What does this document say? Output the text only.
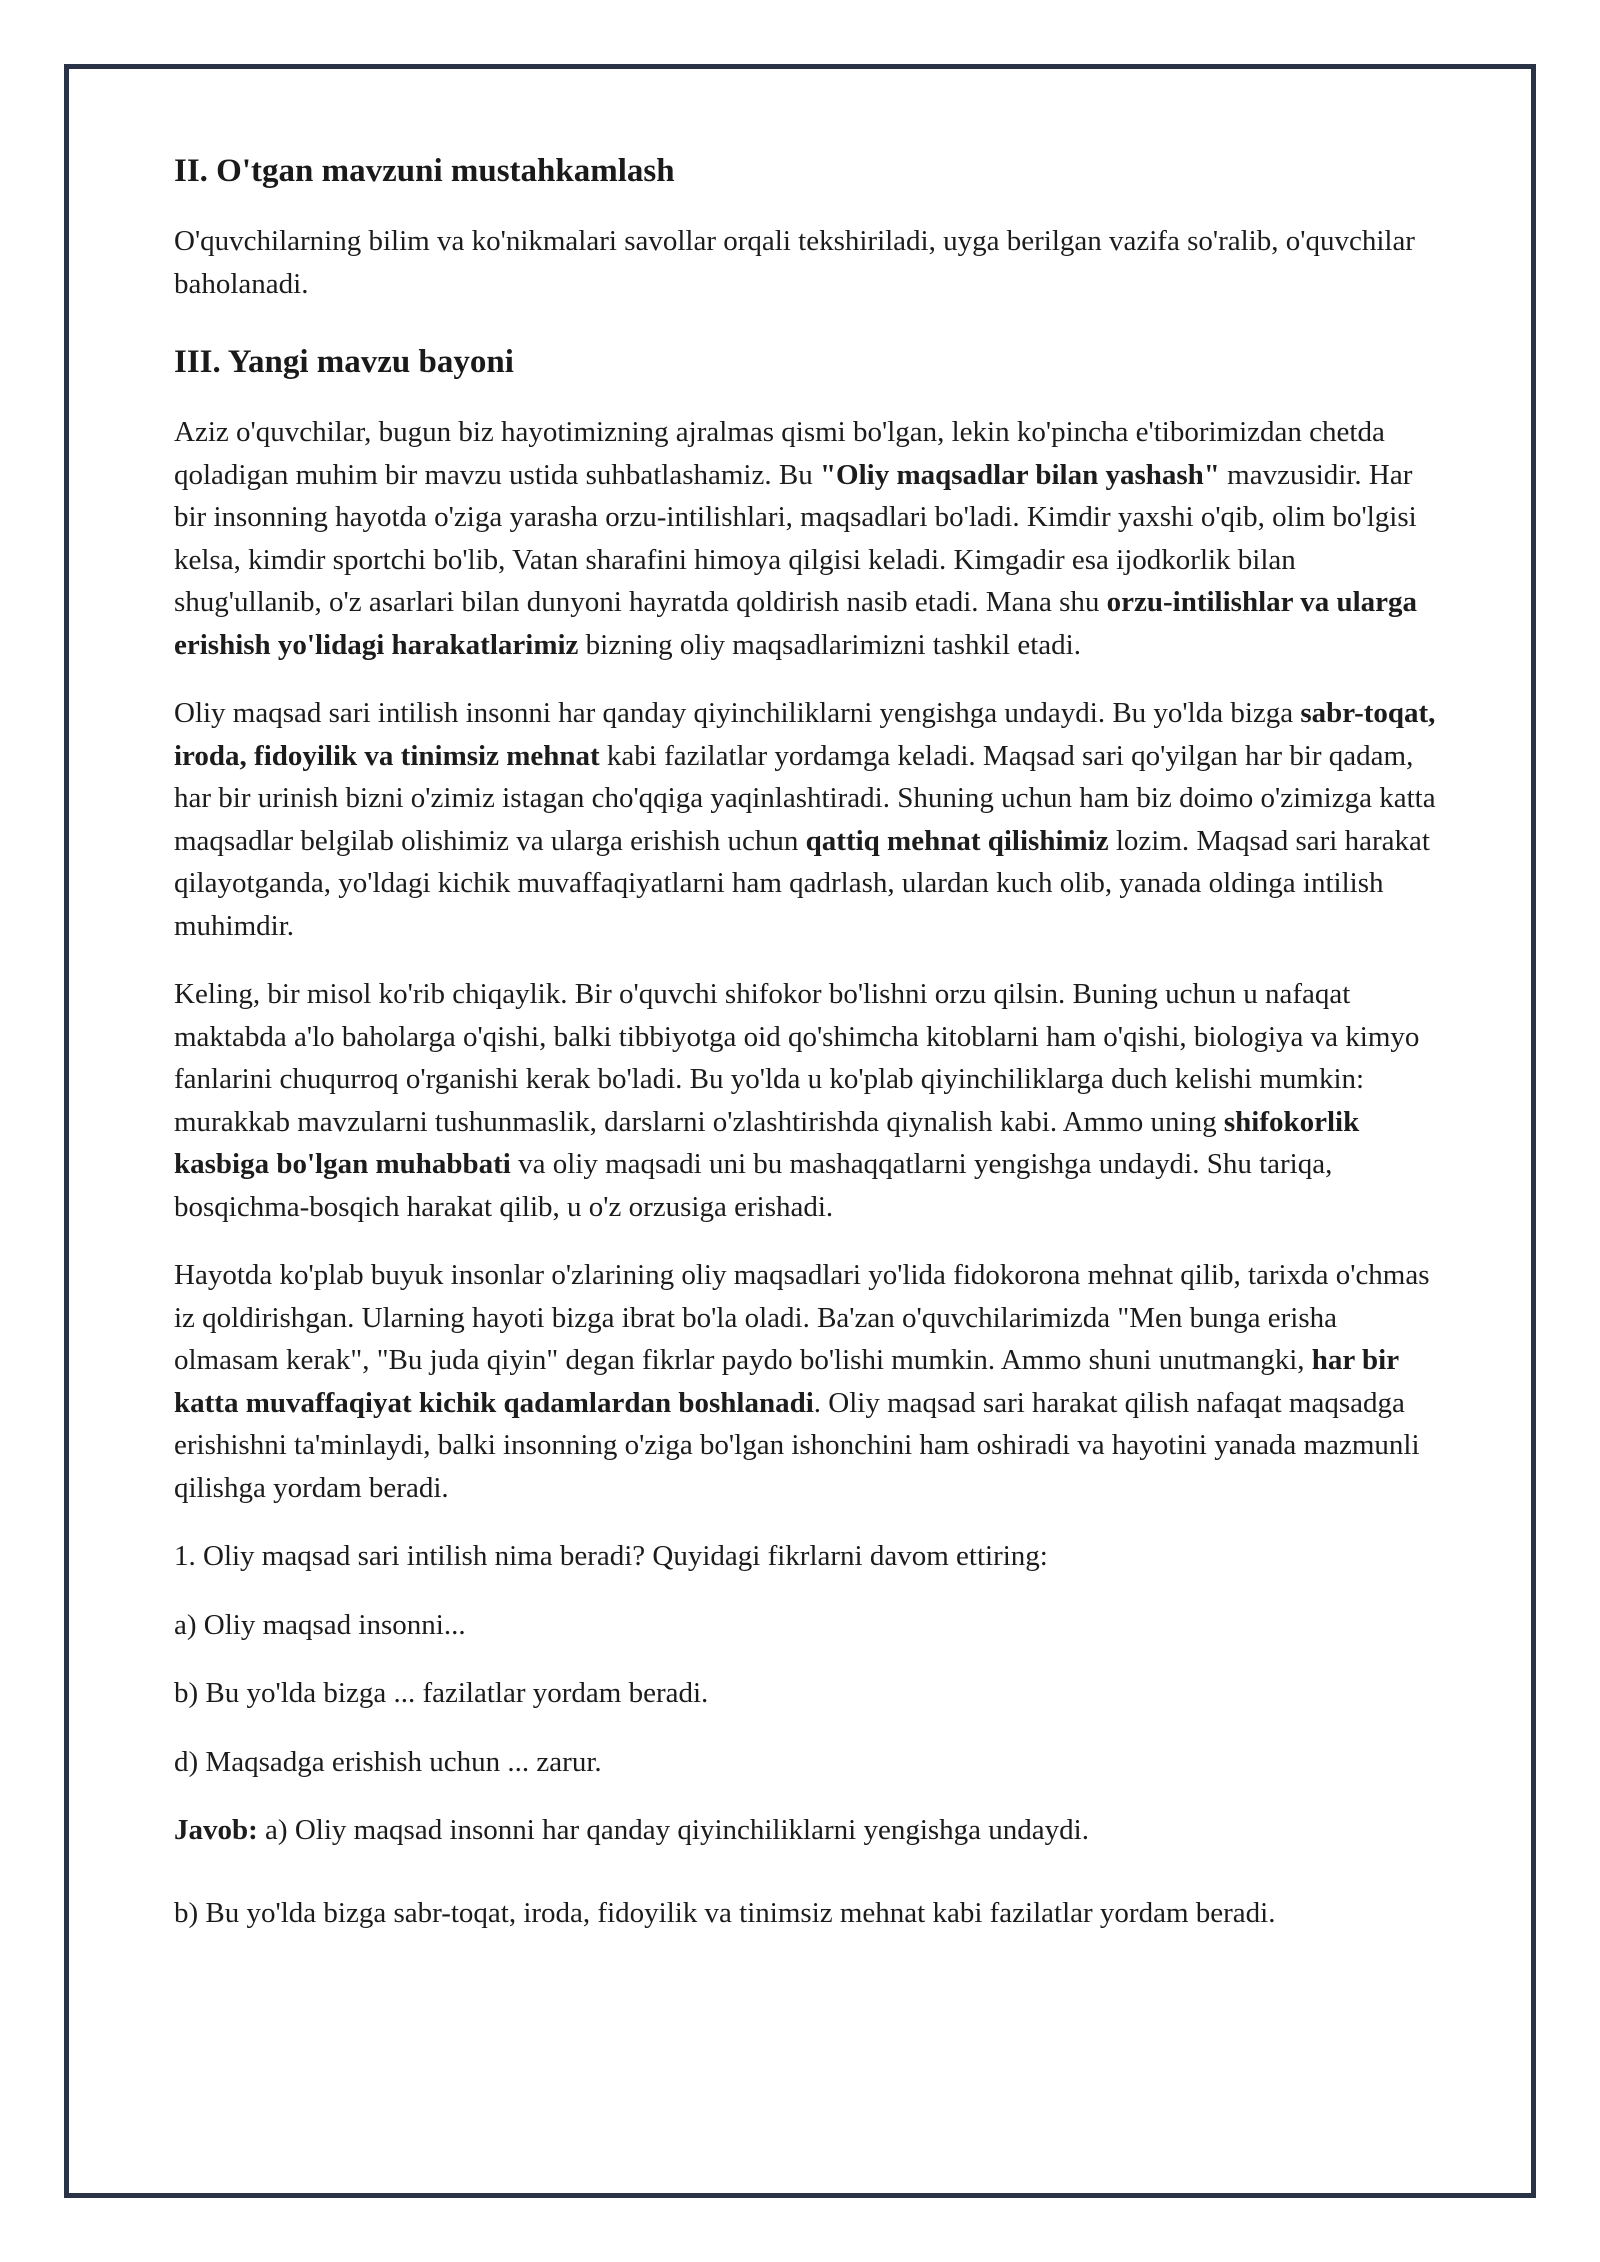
II. O'tgan mavzuni mustahkamlash

O'quvchilarning bilim va ko'nikmalari savollar orqali tekshiriladi, uyga berilgan vazifa so'ralib, o'quvchilar baholanadi.

III. Yangi mavzu bayoni

Aziz o'quvchilar, bugun biz hayotimizning ajralmas qismi bo'lgan, lekin ko'pincha e'tiborimizdan chetda qoladigan muhim bir mavzu ustida suhbatlashamiz. Bu "Oliy maqsadlar bilan yashash" mavzusidir. Har bir insonning hayotda o'ziga yarasha orzu-intilishlari, maqsadlari bo'ladi. Kimdir yaxshi o'qib, olim bo'lgisi kelsa, kimdir sportchi bo'lib, Vatan sharafini himoya qilgisi keladi. Kimgadir esa ijodkorlik bilan shug'ullanib, o'z asarlari bilan dunyoni hayratda qoldirish nasib etadi. Mana shu orzu-intilishlar va ularga erishish yo'lidagi harakatlarimiz bizning oliy maqsadlarimizni tashkil etadi.

Oliy maqsad sari intilish insonni har qanday qiyinchiliklarni yengishga undaydi. Bu yo'lda bizga sabr-toqat, iroda, fidoyilik va tinimsiz mehnat kabi fazilatlar yordamga keladi. Maqsad sari qo'yilgan har bir qadam, har bir urinish bizni o'zimiz istagan cho'qqiga yaqinlashtiradi. Shuning uchun ham biz doimo o'zimizga katta maqsadlar belgilab olishimiz va ularga erishish uchun qattiq mehnat qilishimiz lozim. Maqsad sari harakat qilayotganda, yo'ldagi kichik muvaffaqiyatlarni ham qadrlash, ulardan kuch olib, yanada oldinga intilish muhimdir.

Keling, bir misol ko'rib chiqaylik. Bir o'quvchi shifokor bo'lishni orzu qilsin. Buning uchun u nafaqat maktabda a'lo baholarga o'qishi, balki tibbiyotga oid qo'shimcha kitoblarni ham o'qishi, biologiya va kimyo fanlarini chuqurroq o'rganishi kerak bo'ladi. Bu yo'lda u ko'plab qiyinchiliklarga duch kelishi mumkin: murakkab mavzularni tushunmaslik, darslarni o'zlashtirishda qiynalish kabi. Ammo uning shifokorlik kasbiga bo'lgan muhabbati va oliy maqsadi uni bu mashaqqatlarni yengishga undaydi. Shu tariqa, bosqichma-bosqich harakat qilib, u o'z orzusiga erishadi.

Hayotda ko'plab buyuk insonlar o'zlarining oliy maqsadlari yo'lida fidokorona mehnat qilib, tarixda o'chmas iz qoldirishgan. Ularning hayoti bizga ibrat bo'la oladi. Ba'zan o'quvchilarimizda "Men bunga erisha olmasam kerak", "Bu juda qiyin" degan fikrlar paydo bo'lishi mumkin. Ammo shuni unutmangki, har bir katta muvaffaqiyat kichik qadamlardan boshlanadi. Oliy maqsad sari harakat qilish nafaqat maqsadga erishishni ta'minlaydi, balki insonning o'ziga bo'lgan ishonchini ham oshiradi va hayotini yanada mazmunli qilishga yordam beradi.

1. Oliy maqsad sari intilish nima beradi? Quyidagi fikrlarni davom ettiring:

a) Oliy maqsad insonni...

b) Bu yo'lda bizga ... fazilatlar yordam beradi.

d) Maqsadga erishish uchun ... zarur.

Javob: a) Oliy maqsad insonni har qanday qiyinchiliklarni yengishga undaydi.

b) Bu yo'lda bizga sabr-toqat, iroda, fidoyilik va tinimsiz mehnat kabi fazilatlar yordam beradi.
